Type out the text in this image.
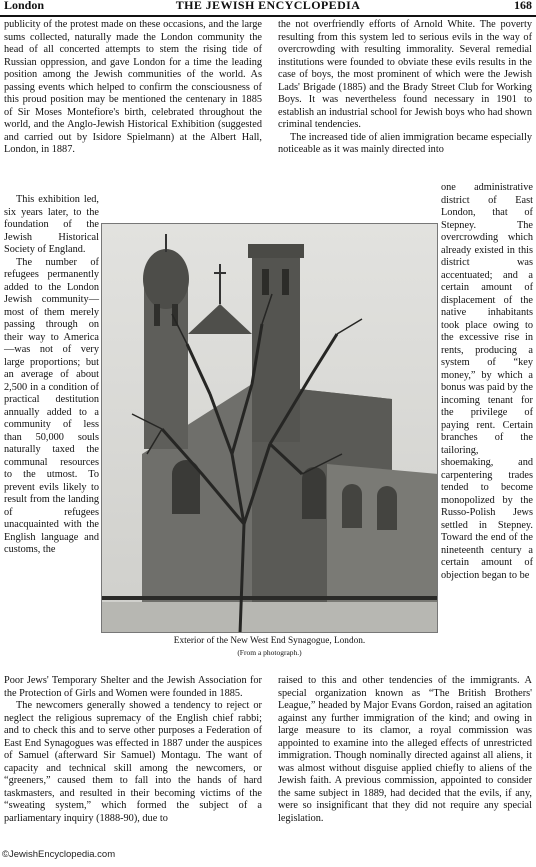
London	THE JEWISH ENCYCLOPEDIA	168
publicity of the protest made on these occasions, and the large sums collected, naturally made the London community the head of all concerted attempts to stem the rising tide of Russian oppression, and gave London for a time the leading position among the Jewish communities of the world. As passing events which helped to confirm the consciousness of this proud position may be mentioned the centenary in 1885 of Sir Moses Montefiore's birth, celebrated throughout the world, and the Anglo-Jewish Historical Exhibition (suggested and carried out by Isidore Spielmann) at the Albert Hall, London, in 1887.
This exhibition led, six years later, to the foundation of the Jewish Historical Society of England.
The number of refugees permanently added to the London Jewish community—most of them merely passing through on their way to America—was not of very large proportions; but an average of about 2,500 in a condition of practical destitution annually added to a community of less than 50,000 souls naturally taxed the communal resources to the utmost. To prevent evils likely to result from the landing of refugees unacquainted with the English language and customs, the
Poor Jews' Temporary Shelter and the Jewish Association for the Protection of Girls and Women were founded in 1885.
The newcomers generally showed a tendency to reject or neglect the religious supremacy of the English chief rabbi; and to check this and to serve other purposes a Federation of East End Synagogues was effected in 1887 under the auspices of Samuel (afterward Sir Samuel) Montagu. The want of capacity and technical skill among the newcomers, or “greeners,” caused them to fall into the hands of hard taskmasters, and resulted in their becoming victims of the “sweating system,” which formed the subject of a parliamentary inquiry (1888-90), due to
the not overfriendly efforts of Arnold White. The poverty resulting from this system led to serious evils in the way of overcrowding with resulting immorality. Several remedial institutions were founded to obviate these evils results in the case of boys, the most prominent of which were the Jewish Lads' Brigade (1885) and the Brady Street Club for Working Boys. It was nevertheless found necessary in 1901 to establish an industrial school for Jewish boys who had shown criminal tendencies.
The increased tide of alien immigration became especially noticeable as it was mainly directed into
one administrative district of East London, that of Stepney. The overcrowding which already existed in this district was accentuated; and a certain amount of displacement of the native inhabitants took place owing to the excessive rise in rents, producing a system of “key money,” by which a bonus was paid by the incoming tenant for the privilege of paying rent. Certain branches of the tailoring, shoemaking, and carpentering trades tended to become monopolized by the Russo-Polish Jews settled in Stepney. Toward the end of the nineteenth century a certain amount of objection began to be
raised to this and other tendencies of the immigrants. A special organization known as “The British Brothers' League,” headed by Major Evans Gordon, raised an agitation against any further immigration of the kind; and owing in large measure to its clamor, a royal commission was appointed to examine into the alleged effects of unrestricted immigration. Though nominally directed against all aliens, it was almost without disguise applied chiefly to aliens of the Jewish faith. A previous commission, appointed to consider the same subject in 1889, had decided that the evils, if any, were so insignificant that they did not require any special legislation.
Exterior of the New West End Synagogue, London.
(From a photograph.)
©JewishEncyclopedia.com
